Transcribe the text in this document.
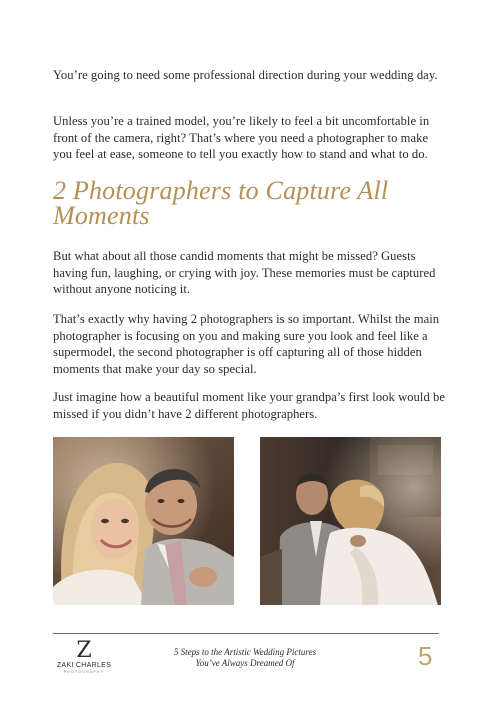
You’re going to need some professional direction during your wedding day.

Unless you’re a trained model, you’re likely to feel a bit uncomfortable in front of the camera, right? That’s where you need a photographer to make you feel at ease, someone to tell you exactly how to stand and what to do.

2 Photographers to Capture All Moments

But what about all those candid moments that might be missed? Guests having fun, laughing, or crying with joy. These memories must be captured without anyone noticing it.

That’s exactly why having 2 photographers is so important. Whilst the main photographer is focusing on you and making sure you look and feel like a supermodel, the second photographer is off capturing all of those hidden moments that make your day so special.

Just imagine how a beautiful moment like your grandpa’s first look would be missed if you didn’t have 2 different photographers.

Z
ZAKI CHARLES
PHOTOGRAPHY
5 Steps to the Artistic Wedding Pictures
You’ve Always Dreamed Of	5
